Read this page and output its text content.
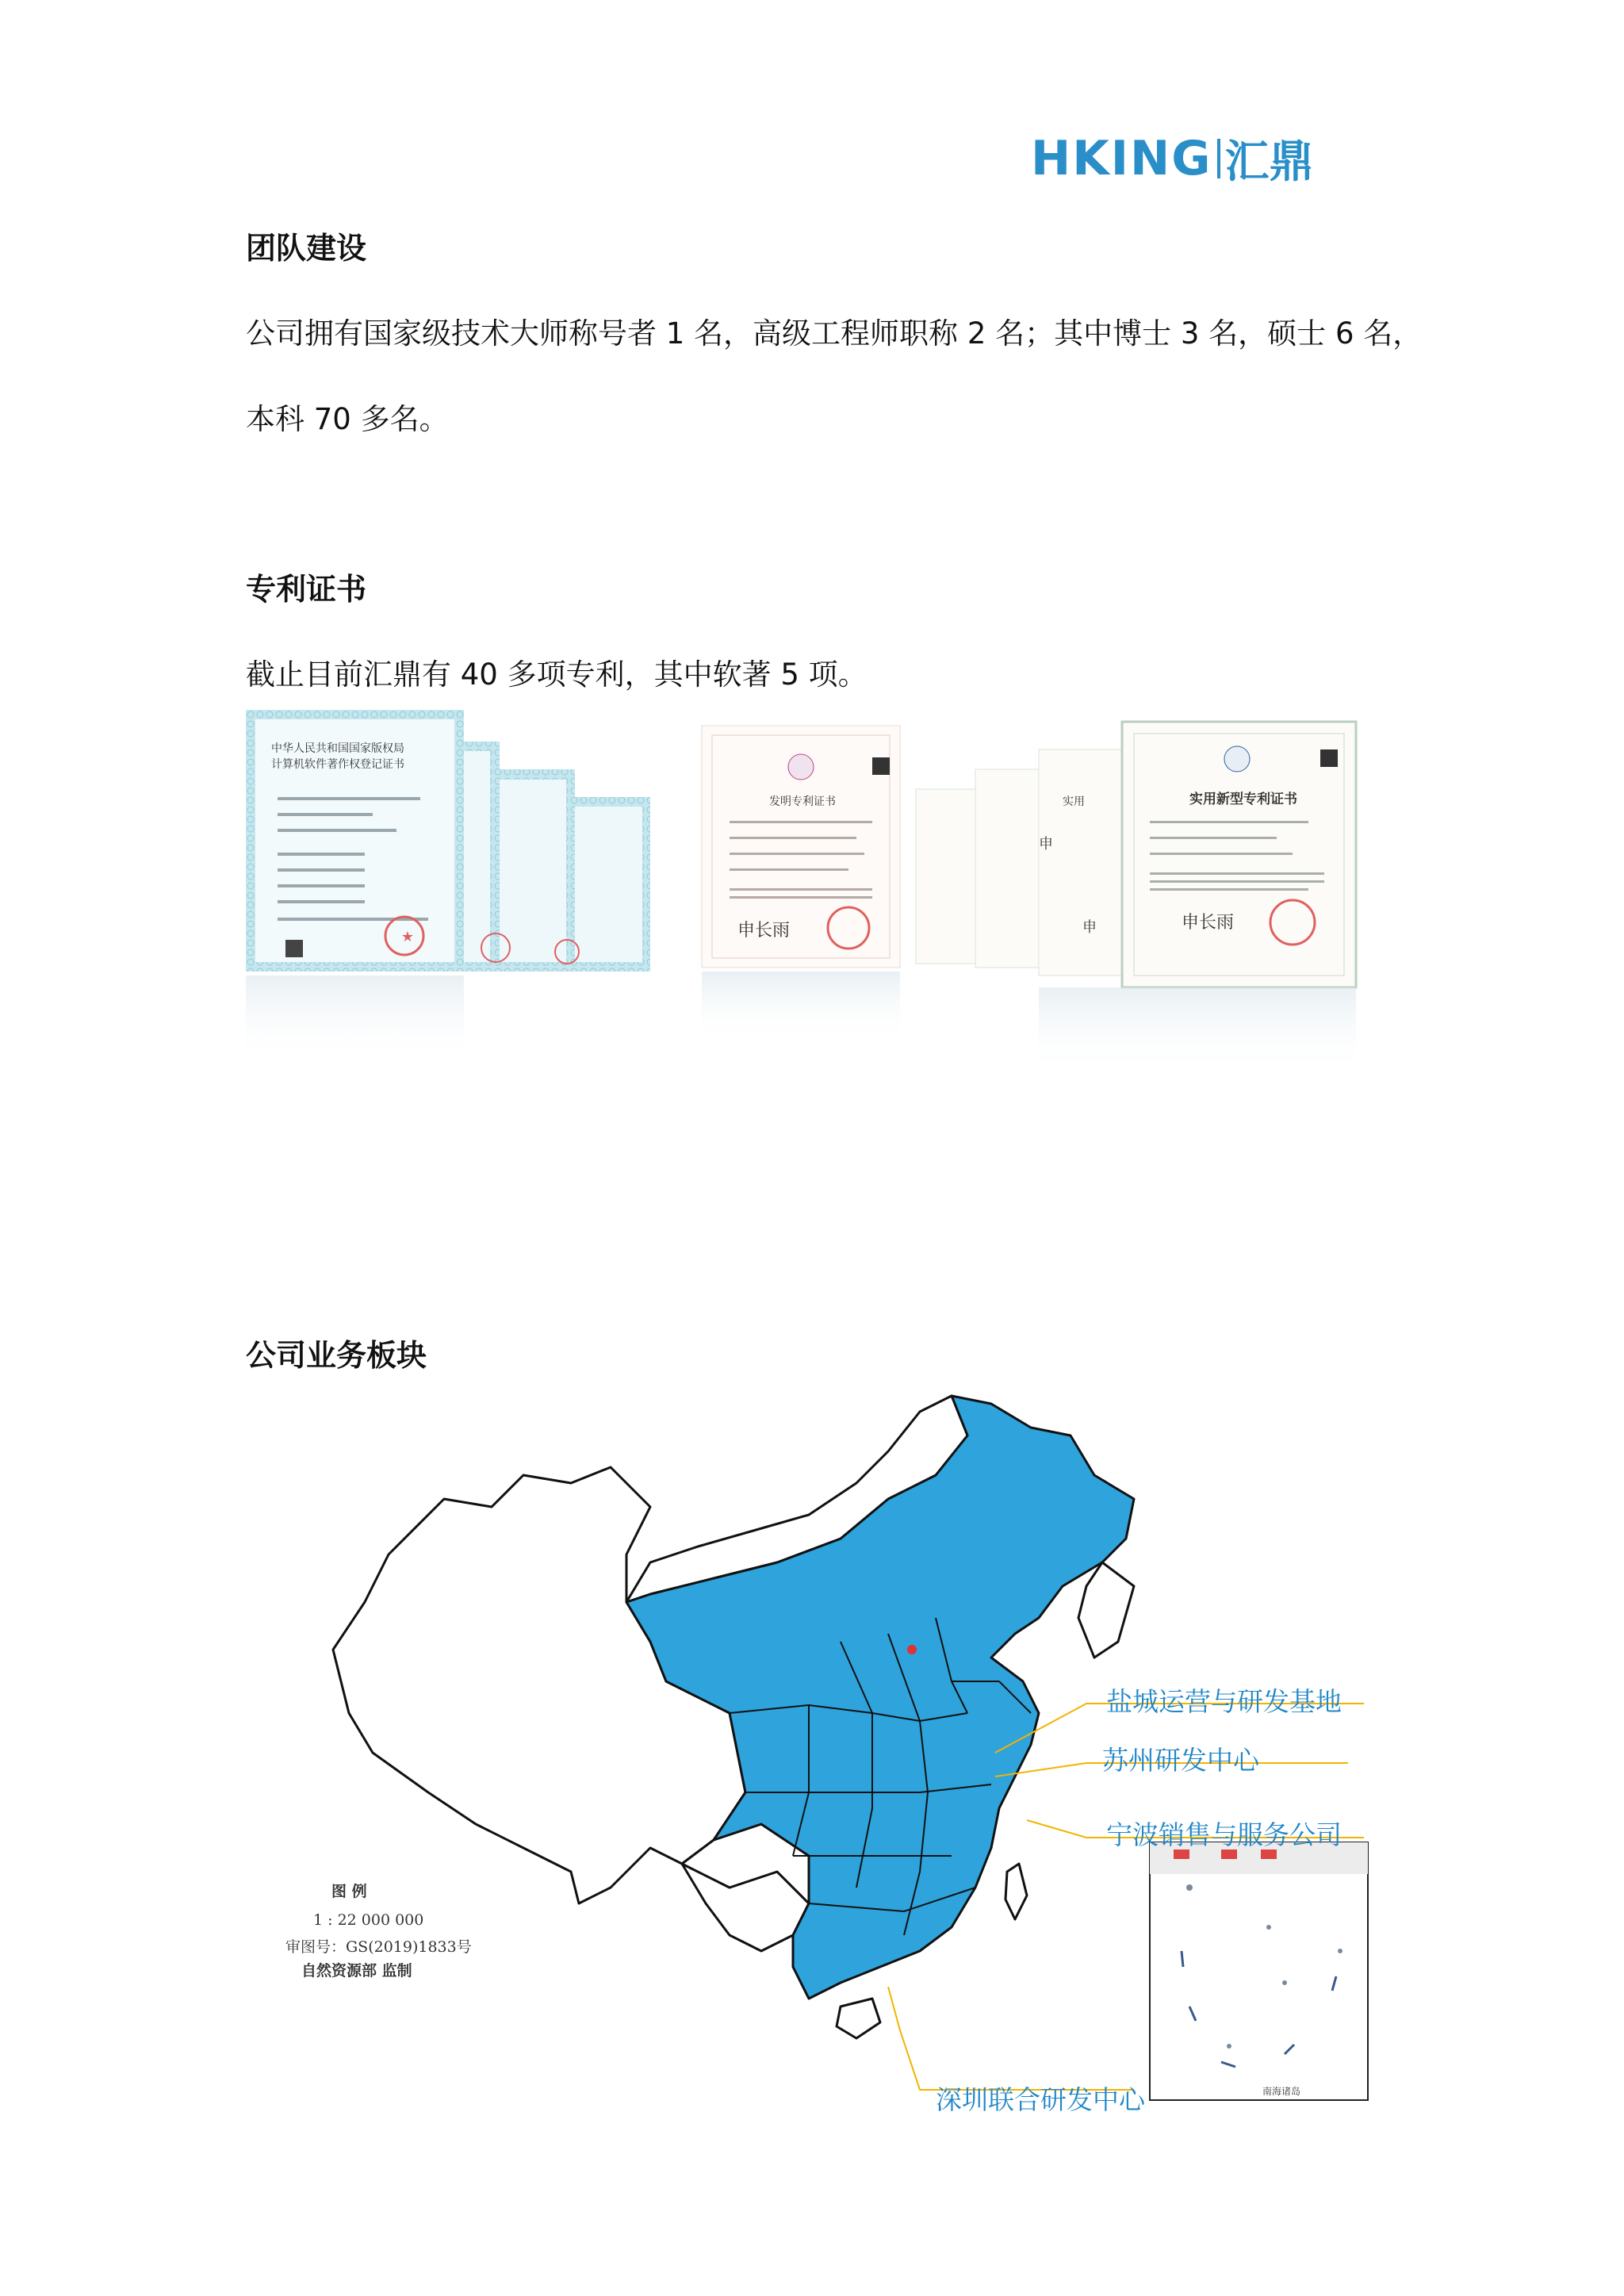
HKING 汇鼎
团队建设
公司拥有国家级技术大师称号者 1 名，高级工程师职称 2 名；其中博士 3 名，硕士 6 名，
本科 70 多名。
专利证书
截止目前汇鼎有 40 多项专利，其中软著 5 项。
★	申长雨	申长雨
申
申
中华人民共和国国家版权局
计算机软件著作权登记证书
发明专利证书	实用	实用新型专利证书
公司业务板块
图 例
1 : 22 000 000
审图号：GS(2019)1833号
自然资源部 监制
南海诸岛
盐城运营与研发基地
苏州研发中心
宁波销售与服务公司
深圳联合研发中心
